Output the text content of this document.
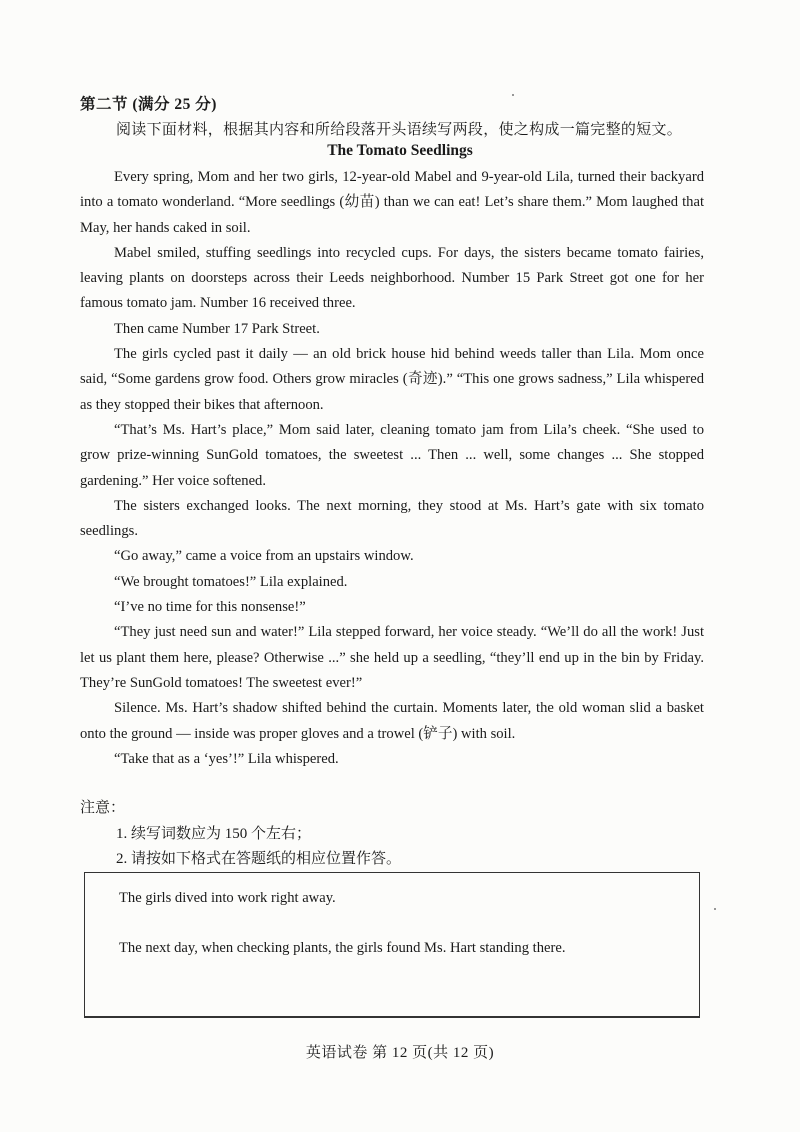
第二节 (满分 25 分)
阅读下面材料，根据其内容和所给段落开头语续写两段，使之构成一篇完整的短文。
The Tomato Seedlings

Every spring, Mom and her two girls, 12-year-old Mabel and 9-year-old Lila, turned their backyard into a tomato wonderland. “More seedlings (幼苗) than we can eat! Let’s share them.” Mom laughed that May, her hands caked in soil.

Mabel smiled, stuffing seedlings into recycled cups. For days, the sisters became tomato fairies, leaving plants on doorsteps across their Leeds neighborhood. Number 15 Park Street got one for her famous tomato jam. Number 16 received three.

Then came Number 17 Park Street.

The girls cycled past it daily — an old brick house hid behind weeds taller than Lila. Mom once said, “Some gardens grow food. Others grow miracles (奇迹).” “This one grows sadness,” Lila whispered as they stopped their bikes that afternoon.

“That’s Ms. Hart’s place,” Mom said later, cleaning tomato jam from Lila’s cheek. “She used to grow prize-winning SunGold tomatoes, the sweetest ... Then ... well, some changes ... She stopped gardening.” Her voice softened.

The sisters exchanged looks. The next morning, they stood at Ms. Hart’s gate with six tomato seedlings.

“Go away,” came a voice from an upstairs window.

“We brought tomatoes!” Lila explained.

“I’ve no time for this nonsense!”

“They just need sun and water!” Lila stepped forward, her voice steady. “We’ll do all the work! Just let us plant them here, please? Otherwise ...” she held up a seedling, “they’ll end up in the bin by Friday. They’re SunGold tomatoes! The sweetest ever!”

Silence. Ms. Hart’s shadow shifted behind the curtain. Moments later, the old woman slid a basket onto the ground — inside was proper gloves and a trowel (铲子) with soil.

“Take that as a ‘yes’!” Lila whispered.

注意：
1. 续写词数应为 150 个左右；
2. 请按如下格式在答题纸的相应位置作答。
The girls dived into work right away.
The next day, when checking plants, the girls found Ms. Hart standing there.
英语试卷 第 12 页(共 12 页)
